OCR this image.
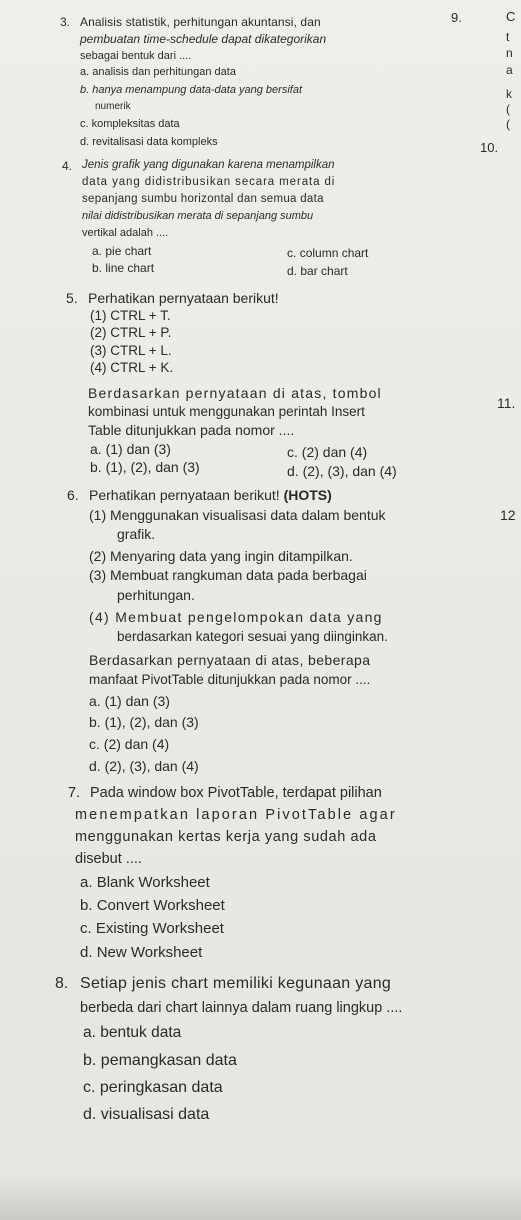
9.	C
t
n
a
k
(
(
10.
11.
12
3. Analisis statistik, perhitungan akuntansi, dan
pembuatan time-schedule dapat dikategorikan
sebagai bentuk dari ....
a. analisis dan perhitungan data
b. hanya menampung data-data yang bersifat
numerik
c. kompleksitas data
d. revitalisasi data kompleks
4. Jenis grafik yang digunakan karena menampilkan
data yang didistribusikan secara merata di
sepanjang sumbu horizontal dan semua data
nilai didistribusikan merata di sepanjang sumbu
vertikal adalah ....
a. pie chart	c. column chart
b. line chart	d. bar chart
5. Perhatikan pernyataan berikut!
(1) CTRL + T.
(2) CTRL + P.
(3) CTRL + L.
(4) CTRL + K.
Berdasarkan pernyataan di atas, tombol
kombinasi untuk menggunakan perintah Insert
Table ditunjukkan pada nomor ....
a. (1) dan (3)	c. (2) dan (4)
b. (1), (2), dan (3)	d. (2), (3), dan (4)
6. Perhatikan pernyataan berikut! (HOTS)
(1) Menggunakan visualisasi data dalam bentuk
grafik.
(2) Menyaring data yang ingin ditampilkan.
(3) Membuat rangkuman data pada berbagai
perhitungan.
(4) Membuat pengelompokan data yang
berdasarkan kategori sesuai yang diinginkan.
Berdasarkan pernyataan di atas, beberapa
manfaat PivotTable ditunjukkan pada nomor ....
a. (1) dan (3)
b. (1), (2), dan (3)
c. (2) dan (4)
d. (2), (3), dan (4)
7. Pada window box PivotTable, terdapat pilihan
menempatkan laporan PivotTable agar
menggunakan kertas kerja yang sudah ada
disebut ....
a. Blank Worksheet
b. Convert Worksheet
c. Existing Worksheet
d. New Worksheet
8. Setiap jenis chart memiliki kegunaan yang
berbeda dari chart lainnya dalam ruang lingkup ....
a. bentuk data
b. pemangkasan data
c. peringkasan data
d. visualisasi data
